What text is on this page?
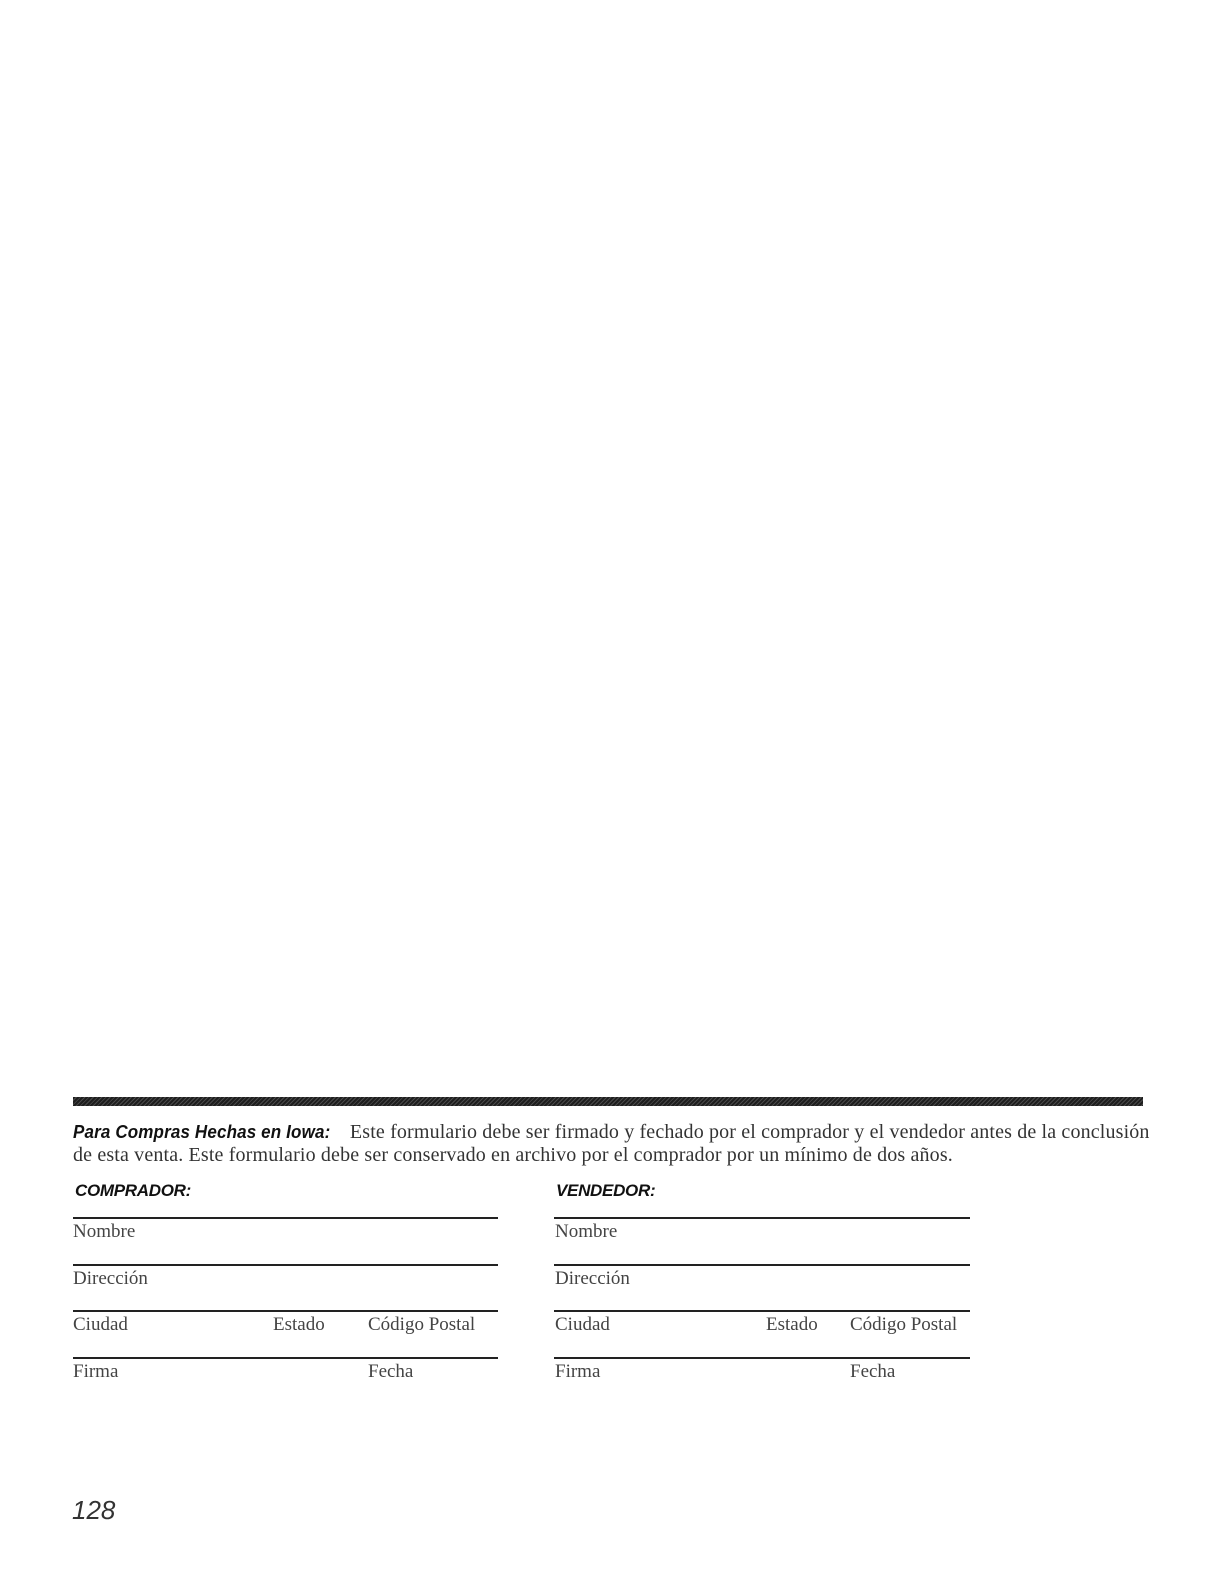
Para Compras Hechas en Iowa: Este formulario debe ser firmado y fechado por el comprador y el vendedor antes de la conclusión de esta venta. Este formulario debe ser conservado en archivo por el comprador por un mínimo de dos años.
COMPRADOR:
Nombre
Dirección
Ciudad	Estado Código Postal
Firma	Fecha
VENDEDOR:
Nombre
Dirección
Ciudad	Estado Código Postal
Firma	Fecha
128
